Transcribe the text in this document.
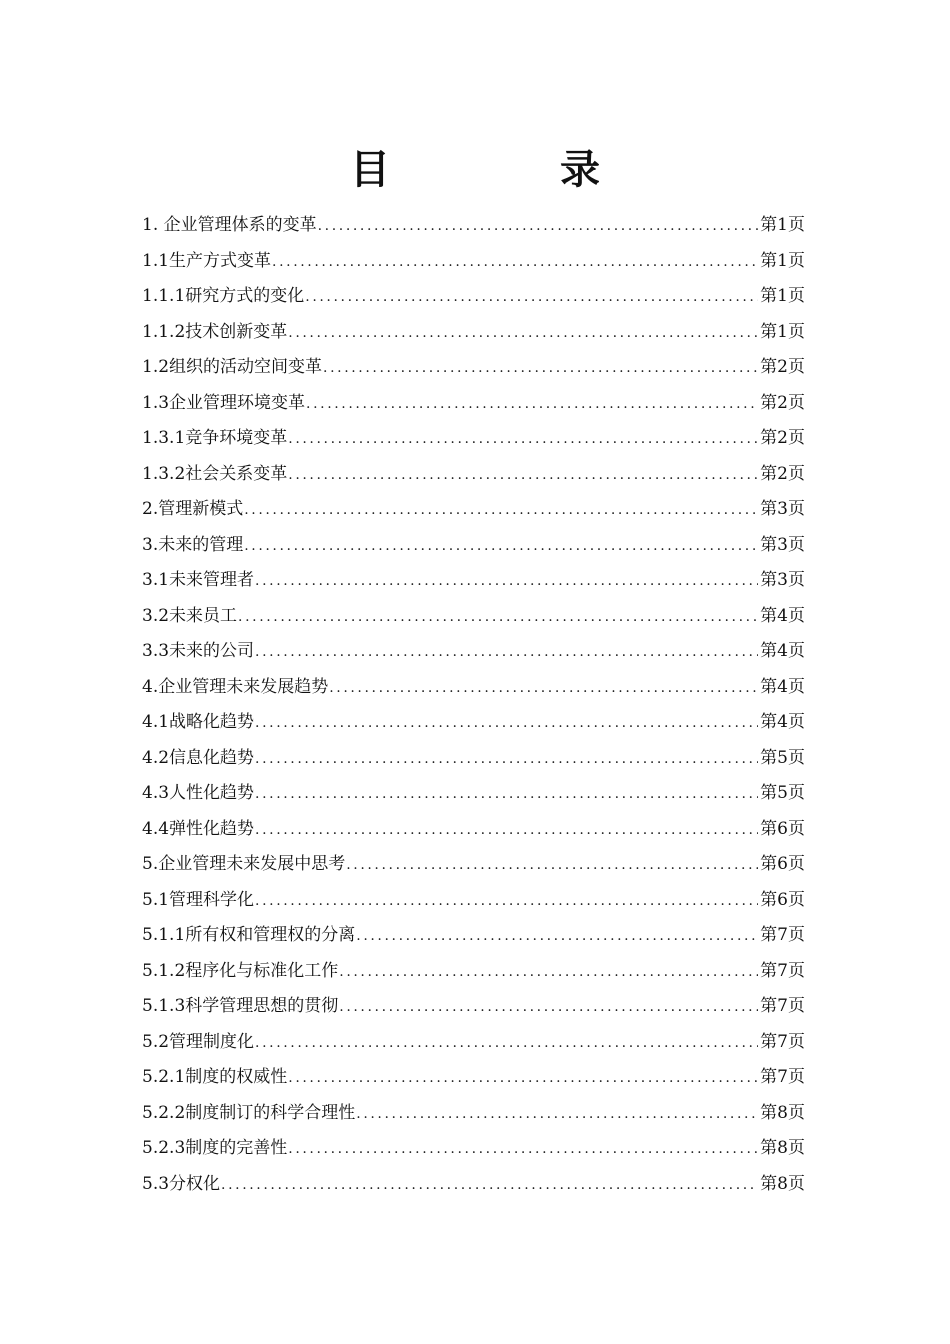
目 录
1. 企业管理体系的变革 .....	第1页
1.1生产方式变革 .....	第1页
1.1.1研究方式的变化 .....	第1页
1.1.2技术创新变革 .....	第1页
1.2组织的活动空间变革 .....	第2页
1.3企业管理环境变革 .....	第2页
1.3.1竞争环境变革 .....	第2页
1.3.2社会关系变革 .....	第2页
2.管理新模式 .....	第3页
3.未来的管理 .....	第3页
3.1未来管理者 .....	第3页
3.2未来员工 .....	第4页
3.3未来的公司 .....	第4页
4.企业管理未来发展趋势 .....	第4页
4.1战略化趋势 .....	第4页
4.2信息化趋势 .....	第5页
4.3人性化趋势 .....	第5页
4.4弹性化趋势 .....	第6页
5.企业管理未来发展中思考 .....	第6页
5.1管理科学化 .....	第6页
5.1.1所有权和管理权的分离 .....	第7页
5.1.2程序化与标准化工作 .....	第7页
5.1.3科学管理思想的贯彻 .....	第7页
5.2管理制度化 .....	第7页
5.2.1制度的权威性 .....	第7页
5.2.2制度制订的科学合理性 .....	第8页
5.2.3制度的完善性 .....	第8页
5.3分权化 .....	第8页
